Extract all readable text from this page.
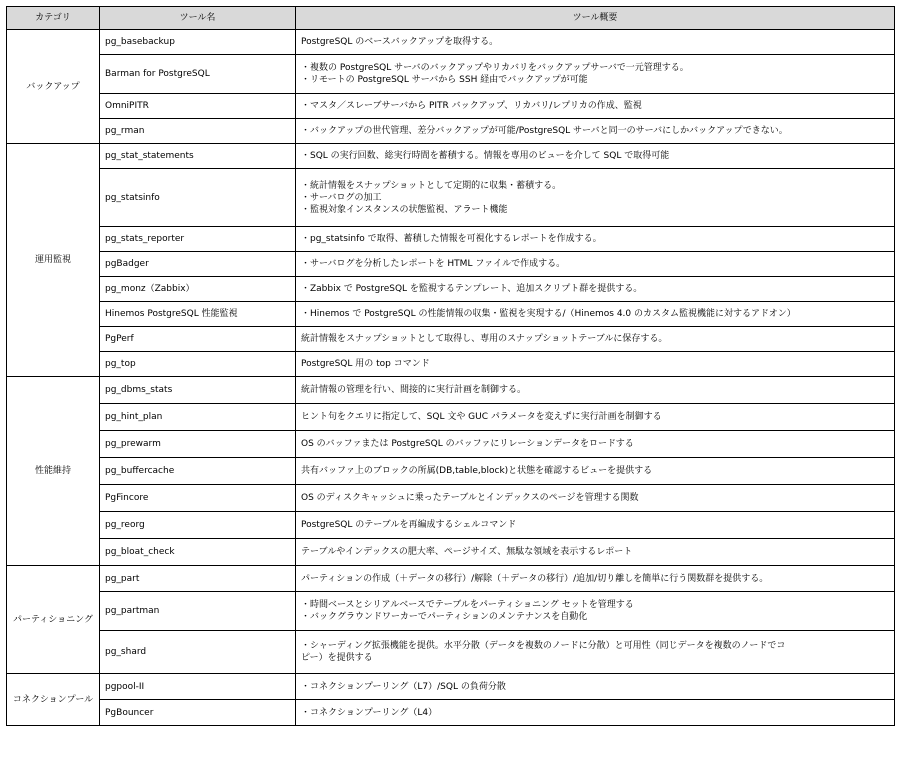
カテゴリ	ツール名	ツール概要
バックアップ	pg_basebackup	PostgreSQL のベースバックアップを取得する。

	Barman for PostgreSQL	・複数の PostgreSQL サーバのバックアップやリカバリをバックアップサーバで一元管理する。
・リモートの PostgreSQL サーバから SSH 経由でバックアップが可能

	OmniPITR	・マスタ／スレーブサーバから PITR バックアップ、リカバリ/レプリカの作成、監視

	pg_rman	・バックアップの世代管理、差分バックアップが可能/PostgreSQL サーバと同一のサーバにしかバックアップできない。

運用監視	pg_stat_statements	・SQL の実行回数、総実行時間を蓄積する。情報を専用のビューを介して SQL で取得可能

	pg_statsinfo	・統計情報をスナップショットとして定期的に収集・蓄積する。
・サーバログの加工
・監視対象インスタンスの状態監視、アラート機能

	pg_stats_reporter	・pg_statsinfo で取得、蓄積した情報を可視化するレポートを作成する。

	pgBadger	・サーバログを分析したレポートを HTML ファイルで作成する。

	pg_monz（Zabbix）	・Zabbix で PostgreSQL を監視するテンプレート、追加スクリプト群を提供する。

	Hinemos PostgreSQL 性能監視	・Hinemos で PostgreSQL の性能情報の収集・監視を実現する/（Hinemos 4.0 のカスタム監視機能に対するアドオン）

	PgPerf	統計情報をスナップショットとして取得し、専用のスナップショットテーブルに保存する。

	pg_top	PostgreSQL 用の top コマンド

性能維持	pg_dbms_stats	統計情報の管理を行い、間接的に実行計画を制御する。

	pg_hint_plan	ヒント句をクエリに指定して、SQL 文や GUC パラメータを変えずに実行計画を制御する

	pg_prewarm	OS のバッファまたは PostgreSQL のバッファにリレーションデータをロードする

	pg_buffercache	共有バッファ上のブロックの所属(DB,table,block)と状態を確認するビューを提供する

	PgFincore	OS のディスクキャッシュに乗ったテーブルとインデックスのページを管理する関数

	pg_reorg	PostgreSQL のテーブルを再編成するシェルコマンド

	pg_bloat_check	テーブルやインデックスの肥大率、ページサイズ、無駄な領域を表示するレポート

パーティショニング	pg_part	パーティションの作成（＋データの移行）/解除（＋データの移行）/追加/切り離しを簡単に行う関数群を提供する。

	pg_partman	・時間ベースとシリアルベースでテーブルをパーティショニング セットを管理する
・バックグラウンドワーカーでパーティションのメンテナンスを自動化

	pg_shard	・シャーディング拡張機能を提供。水平分散（データを複数のノードに分散）と可用性（同じデータを複数のノードでコ
ピー）を提供する

コネクションプール	pgpool-II	・コネクションプーリング（L7）/SQL の負荷分散

	PgBouncer	・コネクションプーリング（L4）
